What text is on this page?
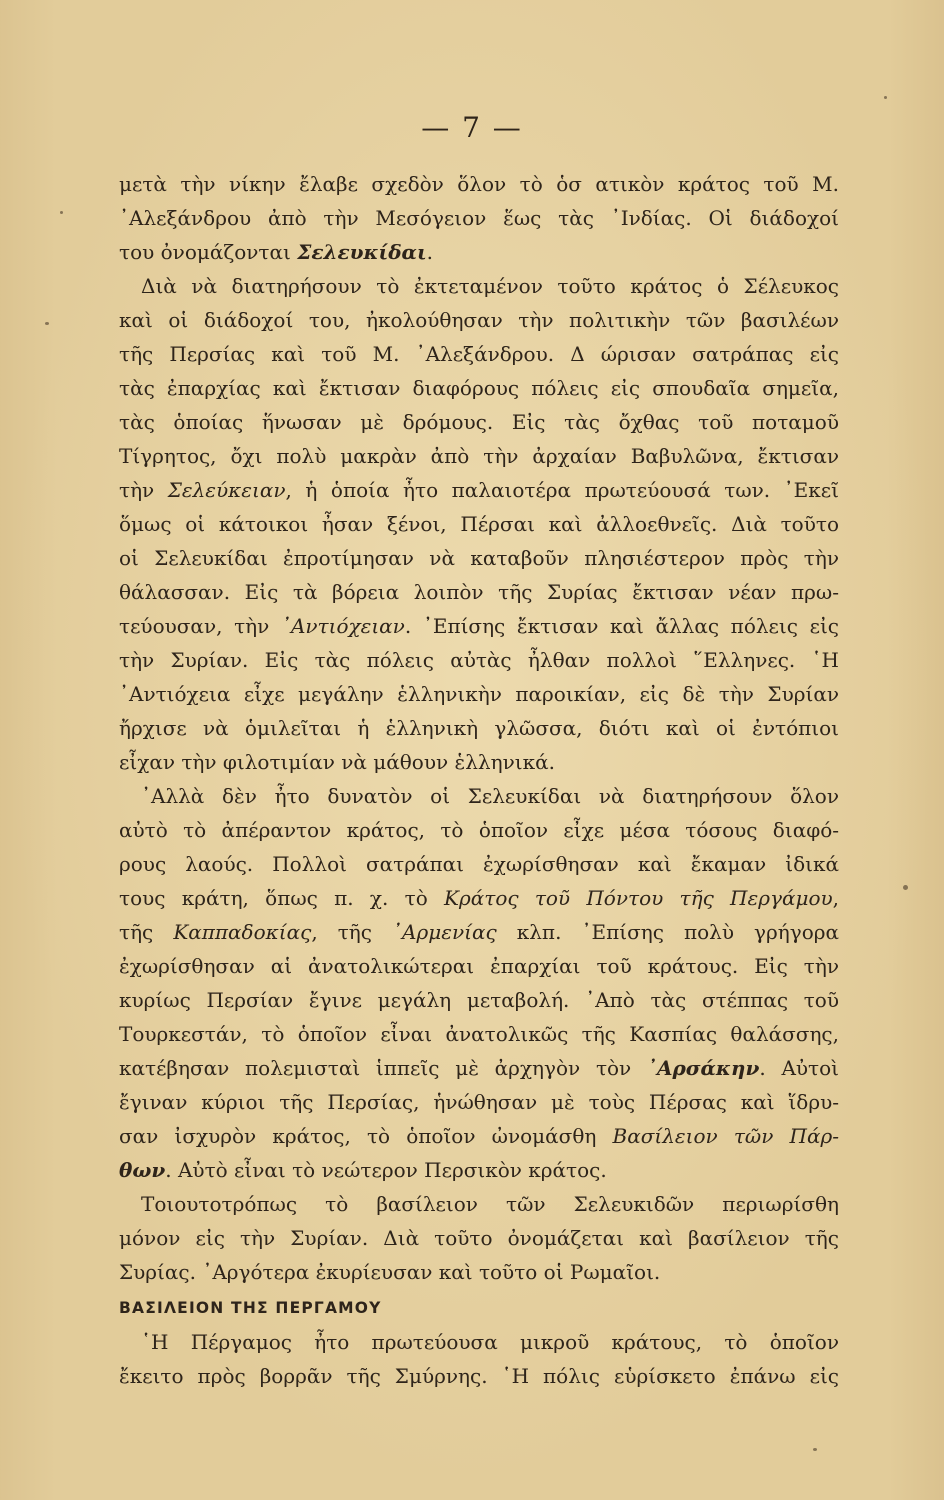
— 7 —
μετὰ τὴν νίκην ἔλαβε σχεδὸν ὅλον τὸ ὁσ ατικὸν κράτος τοῦ Μ.
᾿Αλεξάνδρου ἀπὸ τὴν Μεσόγειον ἕως τὰς ᾿Ινδίας. Οἱ διάδοχοί
του ὀνομάζονται Σελευκίδαι.
Διὰ νὰ διατηρήσουν τὸ ἐκτεταμένον τοῦτο κράτος ὁ Σέλευκος
καὶ οἱ διάδοχοί του, ἠκολούθησαν τὴν πολιτικὴν τῶν βασιλέων
τῆς Περσίας καὶ τοῦ Μ. ᾿Αλεξάνδρου. Δ ώρισαν σατράπας εἰς
τὰς ἐπαρχίας καὶ ἔκτισαν διαφόρους πόλεις εἰς σπουδαῖα σημεῖα,
τὰς ὁποίας ἥνωσαν μὲ δρόμους. Εἰς τὰς ὄχθας τοῦ ποταμοῦ
Τίγρητος, ὄχι πολὺ μακρὰν ἀπὸ τὴν ἀρχαίαν Βαβυλῶνα, ἔκτισαν
τὴν Σελεύκειαν, ἡ ὁποία ἦτο παλαιοτέρα πρωτεύουσά των. ᾿Εκεῖ
ὅμως οἱ κάτοικοι ἦσαν ξένοι, Πέρσαι καὶ ἀλλοεθνεῖς. Διὰ τοῦτο
οἱ Σελευκίδαι ἐπροτίμησαν νὰ καταβοῦν πλησιέστερον πρὸς τὴν
θάλασσαν. Εἰς τὰ βόρεια λοιπὸν τῆς Συρίας ἔκτισαν νέαν πρω-
τεύουσαν, τὴν ᾿Αντιόχειαν. ᾿Επίσης ἔκτισαν καὶ ἄλλας πόλεις εἰς
τὴν Συρίαν. Εἰς τὰς πόλεις αὐτὰς ἦλθαν πολλοὶ ῞Ελληνες. ῾Η
᾿Αντιόχεια εἶχε μεγάλην ἑλληνικὴν παροικίαν, εἰς δὲ τὴν Συρίαν
ἤρχισε νὰ ὁμιλεῖται ἡ ἑλληνικὴ γλῶσσα, διότι καὶ οἱ ἐντόπιοι
εἶχαν τὴν φιλοτιμίαν νὰ μάθουν ἑλληνικά.
᾿Αλλὰ δὲν ἦτο δυνατὸν οἱ Σελευκίδαι νὰ διατηρήσουν ὅλον
αὐτὸ τὸ ἀπέραντον κράτος, τὸ ὁποῖον εἶχε μέσα τόσους διαφό-
ρους λαούς. Πολλοὶ σατράπαι ἐχωρίσθησαν καὶ ἔκαμαν ἰδικά
τους κράτη, ὅπως π. χ. τὸ Κράτος τοῦ Πόντου τῆς Περγάμου,
τῆς Καππαδοκίας, τῆς ᾿Αρμενίας κλπ. ᾿Επίσης πολὺ γρήγορα
ἐχωρίσθησαν αἱ ἀνατολικώτεραι ἐπαρχίαι τοῦ κράτους. Εἰς τὴν
κυρίως Περσίαν ἔγινε μεγάλη μεταβολή. ᾿Απὸ τὰς στέππας τοῦ
Τουρκεστάν, τὸ ὁποῖον εἶναι ἀνατολικῶς τῆς Κασπίας θαλάσσης,
κατέβησαν πολεμισταὶ ἱππεῖς μὲ ἀρχηγὸν τὸν ᾿Αρσάκην. Αὐτοὶ
ἔγιναν κύριοι τῆς Περσίας, ἡνώθησαν μὲ τοὺς Πέρσας καὶ ἵδρυ-
σαν ἰσχυρὸν κράτος, τὸ ὁποῖον ὠνομάσθη Βασίλειον τῶν Πάρ-
θων. Αὐτὸ εἶναι τὸ νεώτερον Περσικὸν κράτος.
Τοιουτοτρόπως τὸ βασίλειον τῶν Σελευκιδῶν περιωρίσθη
μόνον εἰς τὴν Συρίαν. Διὰ τοῦτο ὀνομάζεται καὶ βασίλειον τῆς
Συρίας. ᾿Αργότερα ἐκυρίευσαν καὶ τοῦτο οἱ Ρωμαῖοι.
ΒΑΣΙΛΕΙΟΝ ΤΗΣ ΠΕΡΓΑΜΟΥ
῾Η Πέργαμος ἦτο πρωτεύουσα μικροῦ κράτους, τὸ ὁποῖον
ἔκειτο πρὸς βορρᾶν τῆς Σμύρνης. ῾Η πόλις εὑρίσκετο ἐπάνω εἰς
